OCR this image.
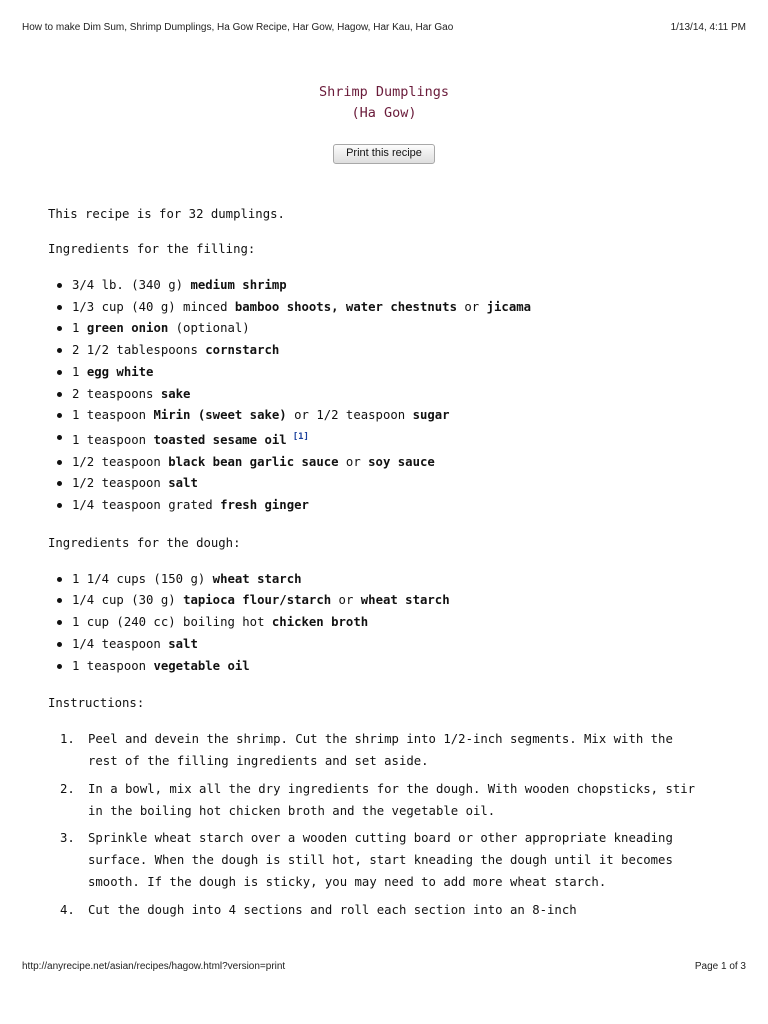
How to make Dim Sum, Shrimp Dumplings, Ha Gow Recipe, Har Gow, Hagow, Har Kau, Har Gao	1/13/14, 4:11 PM
Shrimp Dumplings
(Ha Gow)
Print this recipe

This recipe is for 32 dumplings.

Ingredients for the filling:

3/4 lb. (340 g) medium shrimp
1/3 cup (40 g) minced bamboo shoots, water chestnuts or jicama
1 green onion (optional)
2 1/2 tablespoons cornstarch
1 egg white
2 teaspoons sake
1 teaspoon Mirin (sweet sake) or 1/2 teaspoon sugar
1 teaspoon toasted sesame oil [1]
1/2 teaspoon black bean garlic sauce or soy sauce
1/2 teaspoon salt
1/4 teaspoon grated fresh ginger

Ingredients for the dough:

1 1/4 cups (150 g) wheat starch
1/4 cup (30 g) tapioca flour/starch or wheat starch
1 cup (240 cc) boiling hot chicken broth
1/4 teaspoon salt
1 teaspoon vegetable oil

Instructions:

1. Peel and devein the shrimp. Cut the shrimp into 1/2-inch segments. Mix with the rest of the filling ingredients and set aside.
2. In a bowl, mix all the dry ingredients for the dough. With wooden chopsticks, stir in the boiling hot chicken broth and the vegetable oil.
3. Sprinkle wheat starch over a wooden cutting board or other appropriate kneading surface. When the dough is still hot, start kneading the dough until it becomes smooth. If the dough is sticky, you may need to add more wheat starch.
4. Cut the dough into 4 sections and roll each section into an 8-inch
http://anyrecipe.net/asian/recipes/hagow.html?version=print	Page 1 of 3
